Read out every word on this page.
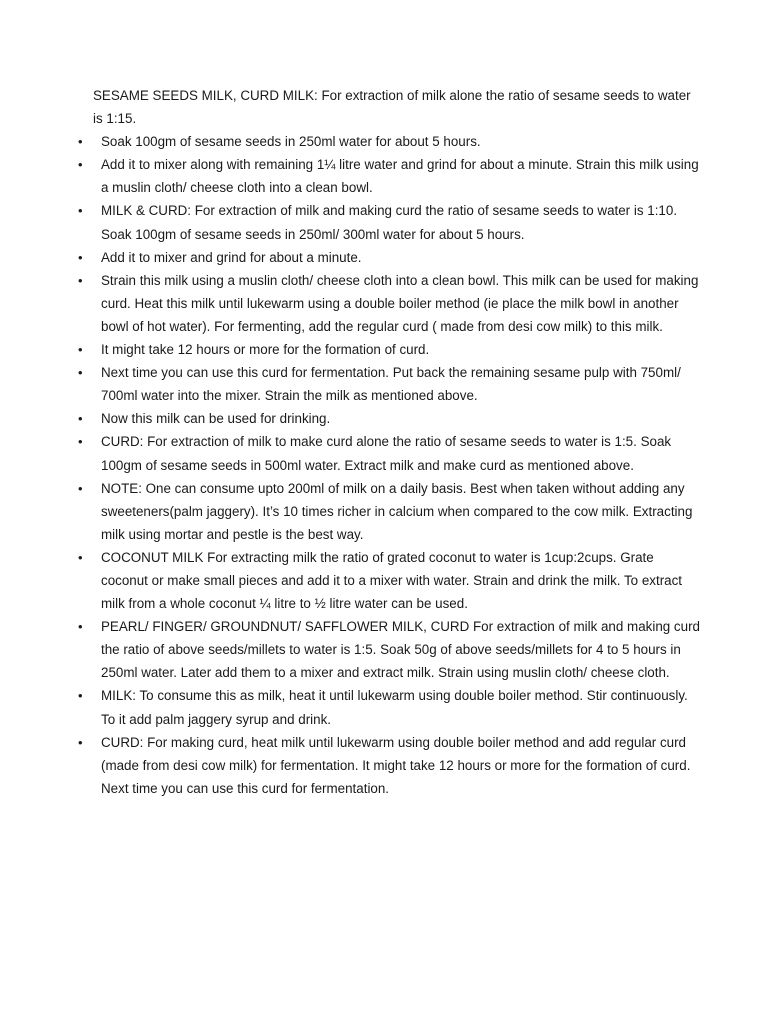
SESAME SEEDS MILK, CURD MILK: For extraction of milk alone the ratio of sesame seeds to water is 1:15.

• Soak 100gm of sesame seeds in 250ml water for about 5 hours.
• Add it to mixer along with remaining 1¼ litre water and grind for about a minute. Strain this milk using a muslin cloth/ cheese cloth into a clean bowl.
• MILK & CURD: For extraction of milk and making curd the ratio of sesame seeds to water is 1:10. Soak 100gm of sesame seeds in 250ml/ 300ml water for about 5 hours.
• Add it to mixer and grind for about a minute.
• Strain this milk using a muslin cloth/ cheese cloth into a clean bowl. This milk can be used for making curd. Heat this milk until lukewarm using a double boiler method (ie place the milk bowl in another bowl of hot water). For fermenting, add the regular curd ( made from desi cow milk) to this milk.
• It might take 12 hours or more for the formation of curd.
• Next time you can use this curd for fermentation. Put back the remaining sesame pulp with 750ml/ 700ml water into the mixer. Strain the milk as mentioned above.
• Now this milk can be used for drinking.
• CURD: For extraction of milk to make curd alone the ratio of sesame seeds to water is 1:5. Soak 100gm of sesame seeds in 500ml water. Extract milk and make curd as mentioned above.
• NOTE: One can consume upto 200ml of milk on a daily basis. Best when taken without adding any sweeteners(palm jaggery). It’s 10 times richer in calcium when compared to the cow milk. Extracting milk using mortar and pestle is the best way.
• COCONUT MILK For extracting milk the ratio of grated coconut to water is 1cup:2cups. Grate coconut or make small pieces and add it to a mixer with water. Strain and drink the milk. To extract milk from a whole coconut ¼ litre to ½ litre water can be used.
• PEARL/ FINGER/ GROUNDNUT/ SAFFLOWER MILK, CURD For extraction of milk and making curd the ratio of above seeds/millets to water is 1:5. Soak 50g of above seeds/millets for 4 to 5 hours in 250ml water. Later add them to a mixer and extract milk. Strain using muslin cloth/ cheese cloth.
• MILK: To consume this as milk, heat it until lukewarm using double boiler method. Stir continuously. To it add palm jaggery syrup and drink.
• CURD: For making curd, heat milk until lukewarm using double boiler method and add regular curd (made from desi cow milk) for fermentation. It might take 12 hours or more for the formation of curd. Next time you can use this curd for fermentation.
